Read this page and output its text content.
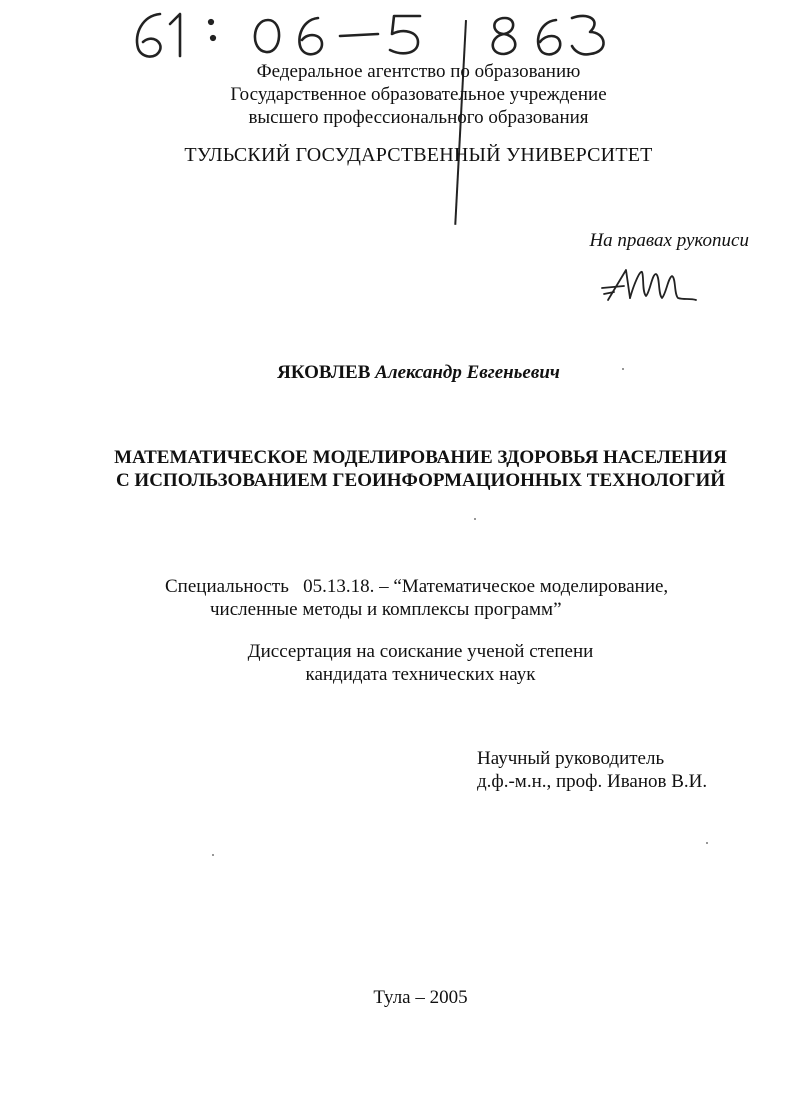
Федеральное агентство по образованию
Государственное образовательное учреждение
высшего профессионального образования
ТУЛЬСКИЙ ГОСУДАРСТВЕННЫЙ УНИВЕРСИТЕТ
На правах рукописи
ЯКОВЛЕВ Александр Евгеньевич
МАТЕМАТИЧЕСКОЕ МОДЕЛИРОВАНИЕ ЗДОРОВЬЯ НАСЕЛЕНИЯ
С ИСПОЛЬЗОВАНИЕМ ГЕОИНФОРМАЦИОННЫХ ТЕХНОЛОГИЙ
Специальность   05.13.18. – “Математическое моделирование,
численные методы и комплексы программ”
Диссертация на соискание ученой степени
кандидата технических наук
Научный руководитель
д.ф.-м.н., проф. Иванов В.И.
Тула – 2005
